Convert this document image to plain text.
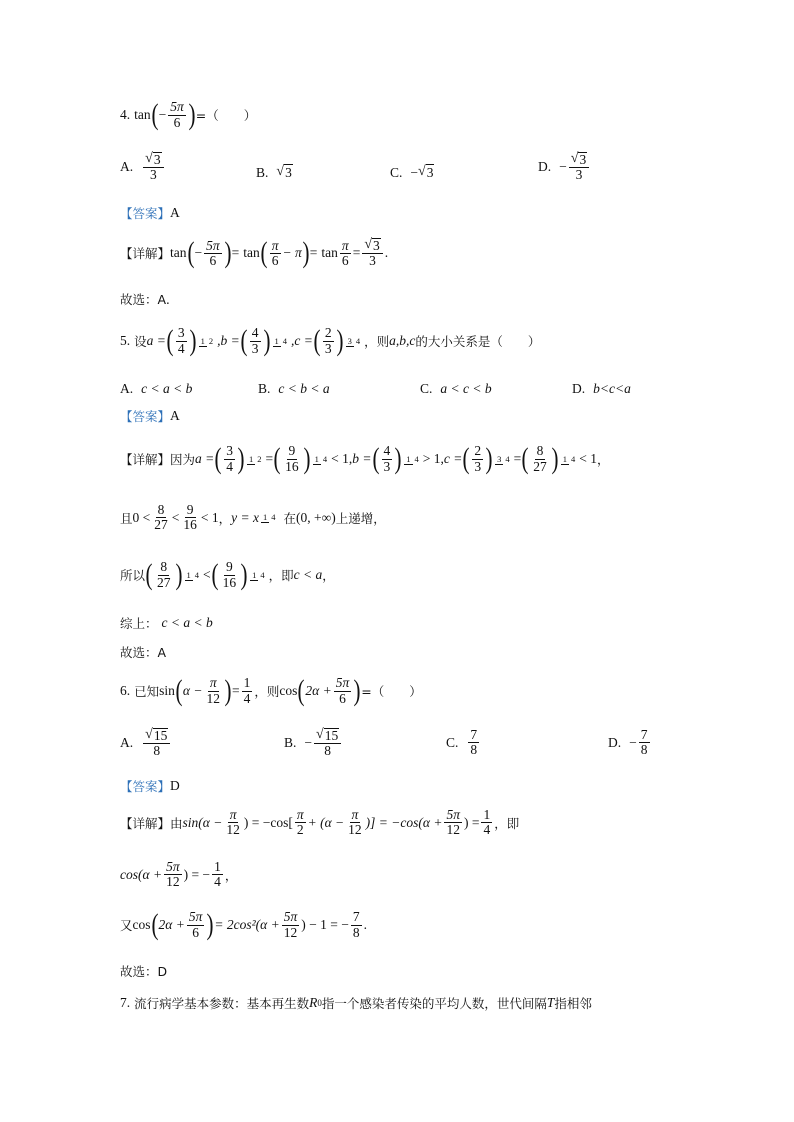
4. tan ( − $\frac{5\pi}{6}$ ) =（　　）
A. $\frac{√ 3}{3}$	B. √ 3	C. − √ 3	D. − $\frac{√ 3}{3}$
【答案】 A
【详解】 tan ( − $\frac{5\pi}{6}$ ) = tan ( $\frac{\pi}{6} - \pi$ ) = $\tan \frac{\pi}{6} = \frac{√ 3}{3}$ .
故选：A.
5. 设 a = ( $\frac{3}{4}$ ) 1 2 ,b = ( $\frac{4}{3}$ ) 1 4 ,c = ( $\frac{2}{3}$ ) 3 4 ，则 a,b,c 的大小关系是（　　）
A. c < a < b	B. c < b < a	C. a < c < b	D. b<c<a
【答案】 A
【详解】 因为 a = ( $\frac{3}{4}$ ) 1 2 = ( $\frac{9}{16}$ ) 1 4 < 1, b = ( $\frac{4}{3}$ ) 1 4 > 1, c = ( $\frac{2}{3}$ ) 3 4 = ( $\frac{8}{27}$ ) 1 4 < 1 ，
且 $0 < \frac{8}{27} < \frac{9}{16} < 1$ ， y = x 1 4 在 (0, +∞) 上递增，
所以 ( $\frac{8}{27}$ ) 1 4 < ( $\frac{9}{16}$ ) 1 4 ，即 c < a ，
综上： c < a < b
故选：A
6. 已知 sin ( $\alpha - \frac{\pi}{12}$ ) = $\frac{1}{4}$ ，则 cos ( $2\alpha + \frac{5\pi}{6}$ ) =（　　）
A. $\frac{√ 15}{8}$	B. − $\frac{√ 15}{8}$	C. $\frac{7}{8}$	D. − $\frac{7}{8}$
【答案】 D
【详解】 由 $\sin(\alpha - \frac{\pi}{12}$ ) = $-\cos[ \frac{\pi}{2} + (\alpha - \frac{\pi}{12}$ )] = $-\cos(\alpha + \frac{5\pi}{12}$ ) = $\frac{1}{4}$ ，即
$\cos(\alpha + \frac{5\pi}{12}$ ) = − $\frac{1}{4}$ ，
又 cos ( $2\alpha + \frac{5\pi}{6}$ ) = $2\cos^2(\alpha + \frac{5\pi}{12}$ ) − 1 = − $\frac{7}{8}$ .
故选：D
7. 流行病学基本参数：基本再生数 R 0 指一个感染者传染的平均人数，世代间隔 T 指相邻
